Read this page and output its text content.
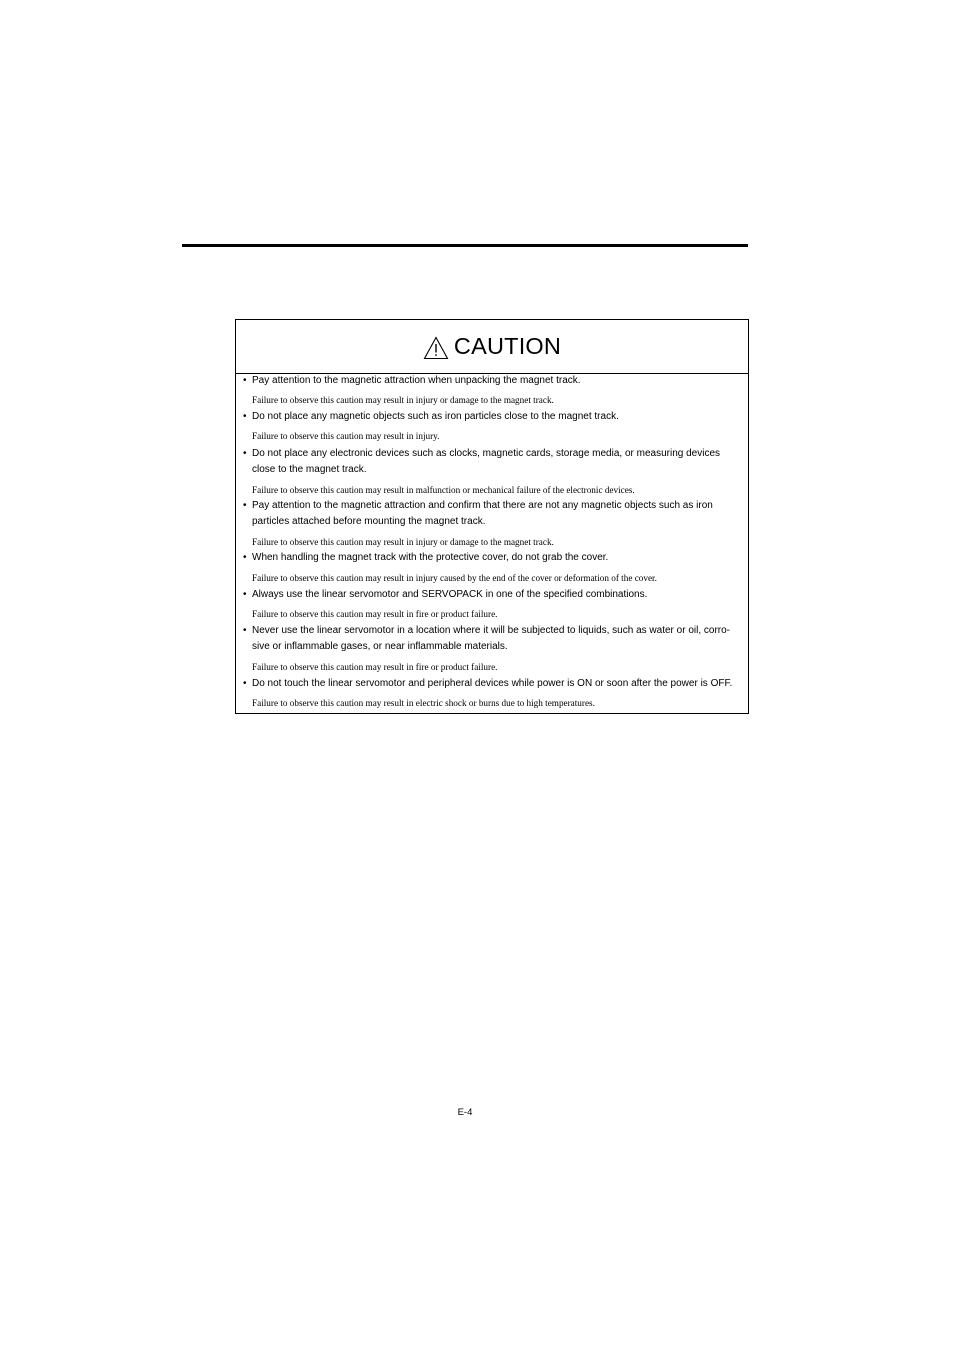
CAUTION
• Pay attention to the magnetic attraction when unpacking the magnet track.
Failure to observe this caution may result in injury or damage to the magnet track.
• Do not place any magnetic objects such as iron particles close to the magnet track.
Failure to observe this caution may result in injury.
• Do not place any electronic devices such as clocks, magnetic cards, storage media, or measuring devices close to the magnet track.
Failure to observe this caution may result in malfunction or mechanical failure of the electronic devices.
• Pay attention to the magnetic attraction and confirm that there are not any magnetic objects such as iron particles attached before mounting the magnet track.
Failure to observe this caution may result in injury or damage to the magnet track.
• When handling the magnet track with the protective cover, do not grab the cover.
Failure to observe this caution may result in injury caused by the end of the cover or deformation of the cover.
• Always use the linear servomotor and SERVOPACK in one of the specified combinations.
Failure to observe this caution may result in fire or product failure.
• Never use the linear servomotor in a location where it will be subjected to liquids, such as water or oil, corro-sive or inflammable gases, or near inflammable materials.
Failure to observe this caution may result in fire or product failure.
• Do not touch the linear servomotor and peripheral devices while power is ON or soon after the power is OFF.
Failure to observe this caution may result in electric shock or burns due to high temperatures.
E-4
